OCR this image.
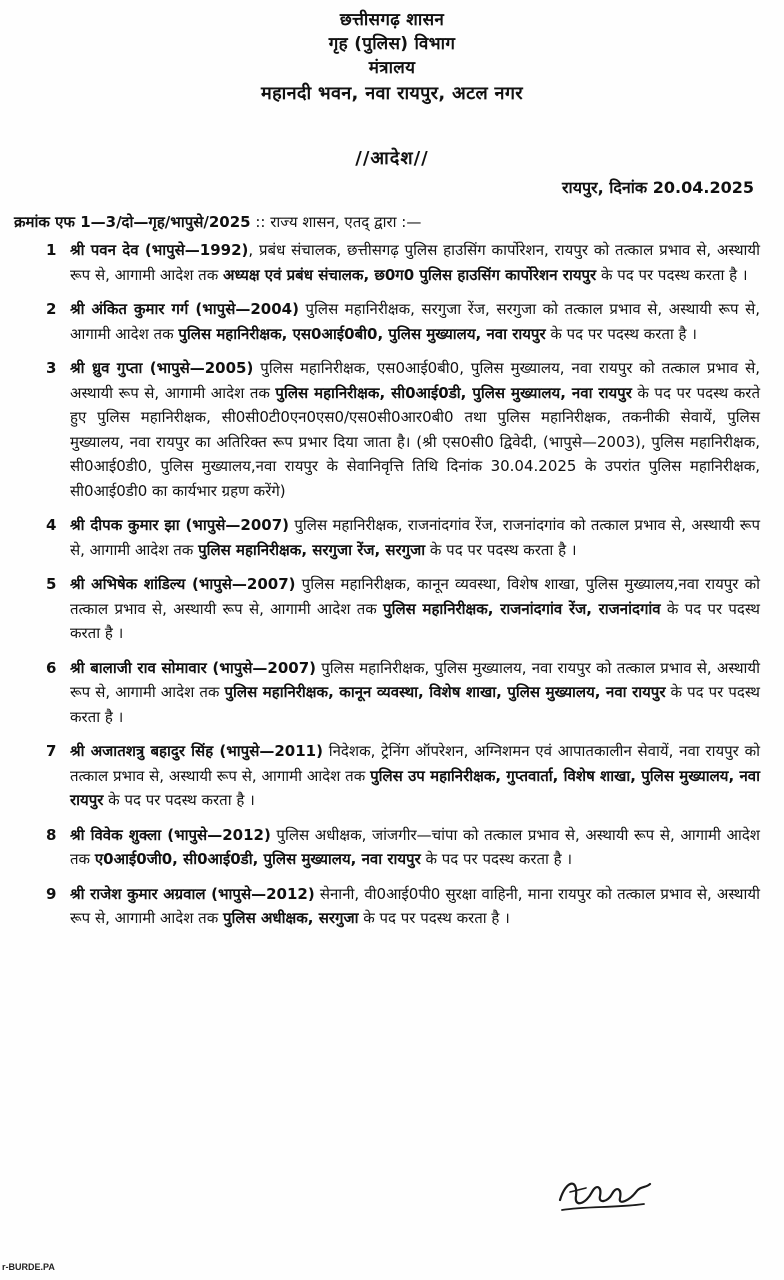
छत्तीसगढ़ शासन

गृह (पुलिस) विभाग

मंत्रालय

महानदी भवन, नवा रायपुर, अटल नगर

//आदेश//
रायपुर, दिनांक 20.04.2025
क्रमांक एफ 1—3/दो—गृह/भापुसे/2025 :: राज्य शासन, एतद् द्वारा :—
1 श्री पवन देव (भापुसे—1992), प्रबंध संचालक, छत्तीसगढ़ पुलिस हाउसिंग कार्पोरेशन, रायपुर को तत्काल प्रभाव से, अस्थायी रूप से, आगामी आदेश तक अध्यक्ष एवं प्रबंध संचालक, छ0ग0 पुलिस हाउसिंग कार्पोरेशन रायपुर के पद पर पदस्थ करता है ।
2 श्री अंकित कुमार गर्ग (भापुसे—2004) पुलिस महानिरीक्षक, सरगुजा रेंज, सरगुजा को तत्काल प्रभाव से, अस्थायी रूप से, आगामी आदेश तक पुलिस महानिरीक्षक, एस0आई0बी0, पुलिस मुख्यालय, नवा रायपुर के पद पर पदस्थ करता है ।
3 श्री ध्रुव गुप्ता (भापुसे—2005) पुलिस महानिरीक्षक, एस0आई0बी0, पुलिस मुख्यालय, नवा रायपुर को तत्काल प्रभाव से, अस्थायी रूप से, आगामी आदेश तक पुलिस महानिरीक्षक, सी0आई0डी, पुलिस मुख्यालय, नवा रायपुर के पद पर पदस्थ करते हुए पुलिस महानिरीक्षक, सी0सी0टी0एन0एस0/एस0सी0आर0बी0 तथा पुलिस महानिरीक्षक, तकनीकी सेवायें, पुलिस मुख्यालय, नवा रायपुर का अतिरिक्त रूप प्रभार दिया जाता है। (श्री एस0सी0 द्विवेदी, (भापुसे—2003), पुलिस महानिरीक्षक, सी0आई0डी0, पुलिस मुख्यालय,नवा रायपुर के सेवानिवृत्ति तिथि दिनांक 30.04.2025 के उपरांत पुलिस महानिरीक्षक, सी0आई0डी0 का कार्यभार ग्रहण करेंगे)
4 श्री दीपक कुमार झा (भापुसे—2007) पुलिस महानिरीक्षक, राजनांदगांव रेंज, राजनांदगांव को तत्काल प्रभाव से, अस्थायी रूप से, आगामी आदेश तक पुलिस महानिरीक्षक, सरगुजा रेंज, सरगुजा के पद पर पदस्थ करता है ।
5 श्री अभिषेक शांडिल्य (भापुसे—2007) पुलिस महानिरीक्षक, कानून व्यवस्था, विशेष शाखा, पुलिस मुख्यालय,नवा रायपुर को तत्काल प्रभाव से, अस्थायी रूप से, आगामी आदेश तक पुलिस महानिरीक्षक, राजनांदगांव रेंज, राजनांदगांव के पद पर पदस्थ करता है ।
6 श्री बालाजी राव सोमावार (भापुसे—2007) पुलिस महानिरीक्षक, पुलिस मुख्यालय, नवा रायपुर को तत्काल प्रभाव से, अस्थायी रूप से, आगामी आदेश तक पुलिस महानिरीक्षक, कानून व्यवस्था, विशेष शाखा, पुलिस मुख्यालय, नवा रायपुर के पद पर पदस्थ करता है ।
7 श्री अजातशत्रु बहादुर सिंह (भापुसे—2011) निदेशक, ट्रेनिंग ऑपरेशन, अग्निशमन एवं आपातकालीन सेवायें, नवा रायपुर को तत्काल प्रभाव से, अस्थायी रूप से, आगामी आदेश तक पुलिस उप महानिरीक्षक, गुप्तवार्ता, विशेष शाखा, पुलिस मुख्यालय, नवा रायपुर के पद पर पदस्थ करता है ।
8 श्री विवेक शुक्ला (भापुसे—2012) पुलिस अधीक्षक, जांजगीर—चांपा को तत्काल प्रभाव से, अस्थायी रूप से, आगामी आदेश तक ए0आई0जी0, सी0आई0डी, पुलिस मुख्यालय, नवा रायपुर के पद पर पदस्थ करता है ।
9 श्री राजेश कुमार अग्रवाल (भापुसे—2012) सेनानी, वी0आई0पी0 सुरक्षा वाहिनी, माना रायपुर को तत्काल प्रभाव से, अस्थायी रूप से, आगामी आदेश तक पुलिस अधीक्षक, सरगुजा के पद पर पदस्थ करता है ।
r-BURDE.PA
